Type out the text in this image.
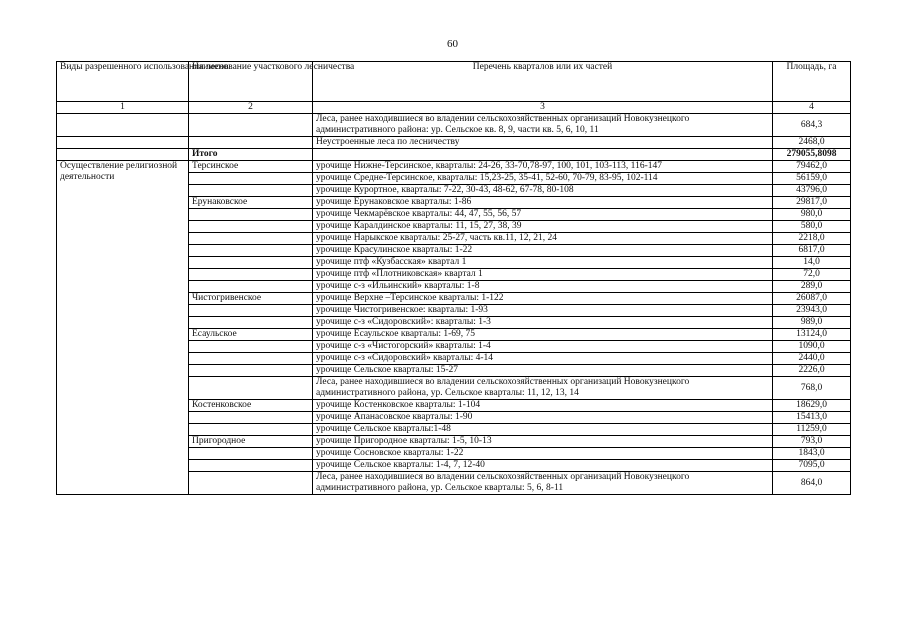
60
Виды разрешенного использования лесов	Наименование участкового лесничества	Перечень кварталов или их частей	Площадь, га
1	2	3	4
		Леса, ранее находившиеся во владении сельскохозяйственных организаций Новокузнецкого административного района: ур. Сельское кв. 8, 9, части кв. 5, 6, 10, 11	684,3
		Неустроенные леса по лесничеству	2468,0
	Итого		279055,8098
Осуществление религиозной деятельности	Терсинское	урочище Нижне-Терсинское, кварталы: 24-26, 33-70,78-97, 100, 101, 103-113, 116-147	79462,0
		урочище Средне-Терсинское, кварталы: 15,23-25, 35-41, 52-60, 70-79, 83-95, 102-114	56159,0
		урочище Курортное, кварталы: 7-22, 30-43, 48-62, 67-78, 80-108	43796,0
	Ерунаковское	урочище Ерунаковское кварталы: 1-86	29817,0
		урочище Чекмарёвское кварталы: 44, 47, 55, 56, 57	980,0
		урочище Каралдинское кварталы: 11, 15, 27, 38, 39	580,0
		урочище Нарыкское кварталы: 25-27, часть кв.11, 12, 21, 24	2218,0
		урочище Красулинское кварталы: 1-22	6817,0
		урочище птф «Кузбасская» квартал 1	14,0
		урочище птф «Плотниковская» квартал 1	72,0
		урочище с-з «Ильинский» кварталы: 1-8	289,0
	Чистогривенское	урочище Верхне –Терсинское кварталы: 1-122	26087,0
		урочище Чистогривенское: кварталы: 1-93	23943,0
		урочище с-з «Сидоровский»: кварталы: 1-3	989,0
	Есаульское	урочище Есаульское кварталы: 1-69, 75	13124,0
		урочище с-з «Чистогорский» кварталы: 1-4	1090,0
		урочище с-з «Сидоровский» кварталы: 4-14	2440,0
		урочище Сельское кварталы: 15-27	2226,0
		Леса, ранее находившиеся во владении сельскохозяйственных организаций Новокузнецкого административного района, ур. Сельское кварталы: 11, 12, 13, 14	768,0
	Костенковское	урочище Костенковское кварталы: 1-104	18629,0
		урочище Апанасовское кварталы: 1-90	15413,0
		урочище Сельское кварталы:1-48	11259,0
	Пригородное	урочище Пригородное кварталы: 1-5, 10-13	793,0
		урочище Сосновское кварталы: 1-22	1843,0
		урочище Сельское кварталы: 1-4, 7, 12-40	7095,0
		Леса, ранее находившиеся во владении сельскохозяйственных организаций Новокузнецкого административного района, ур. Сельское кварталы: 5, 6, 8-11	864,0
